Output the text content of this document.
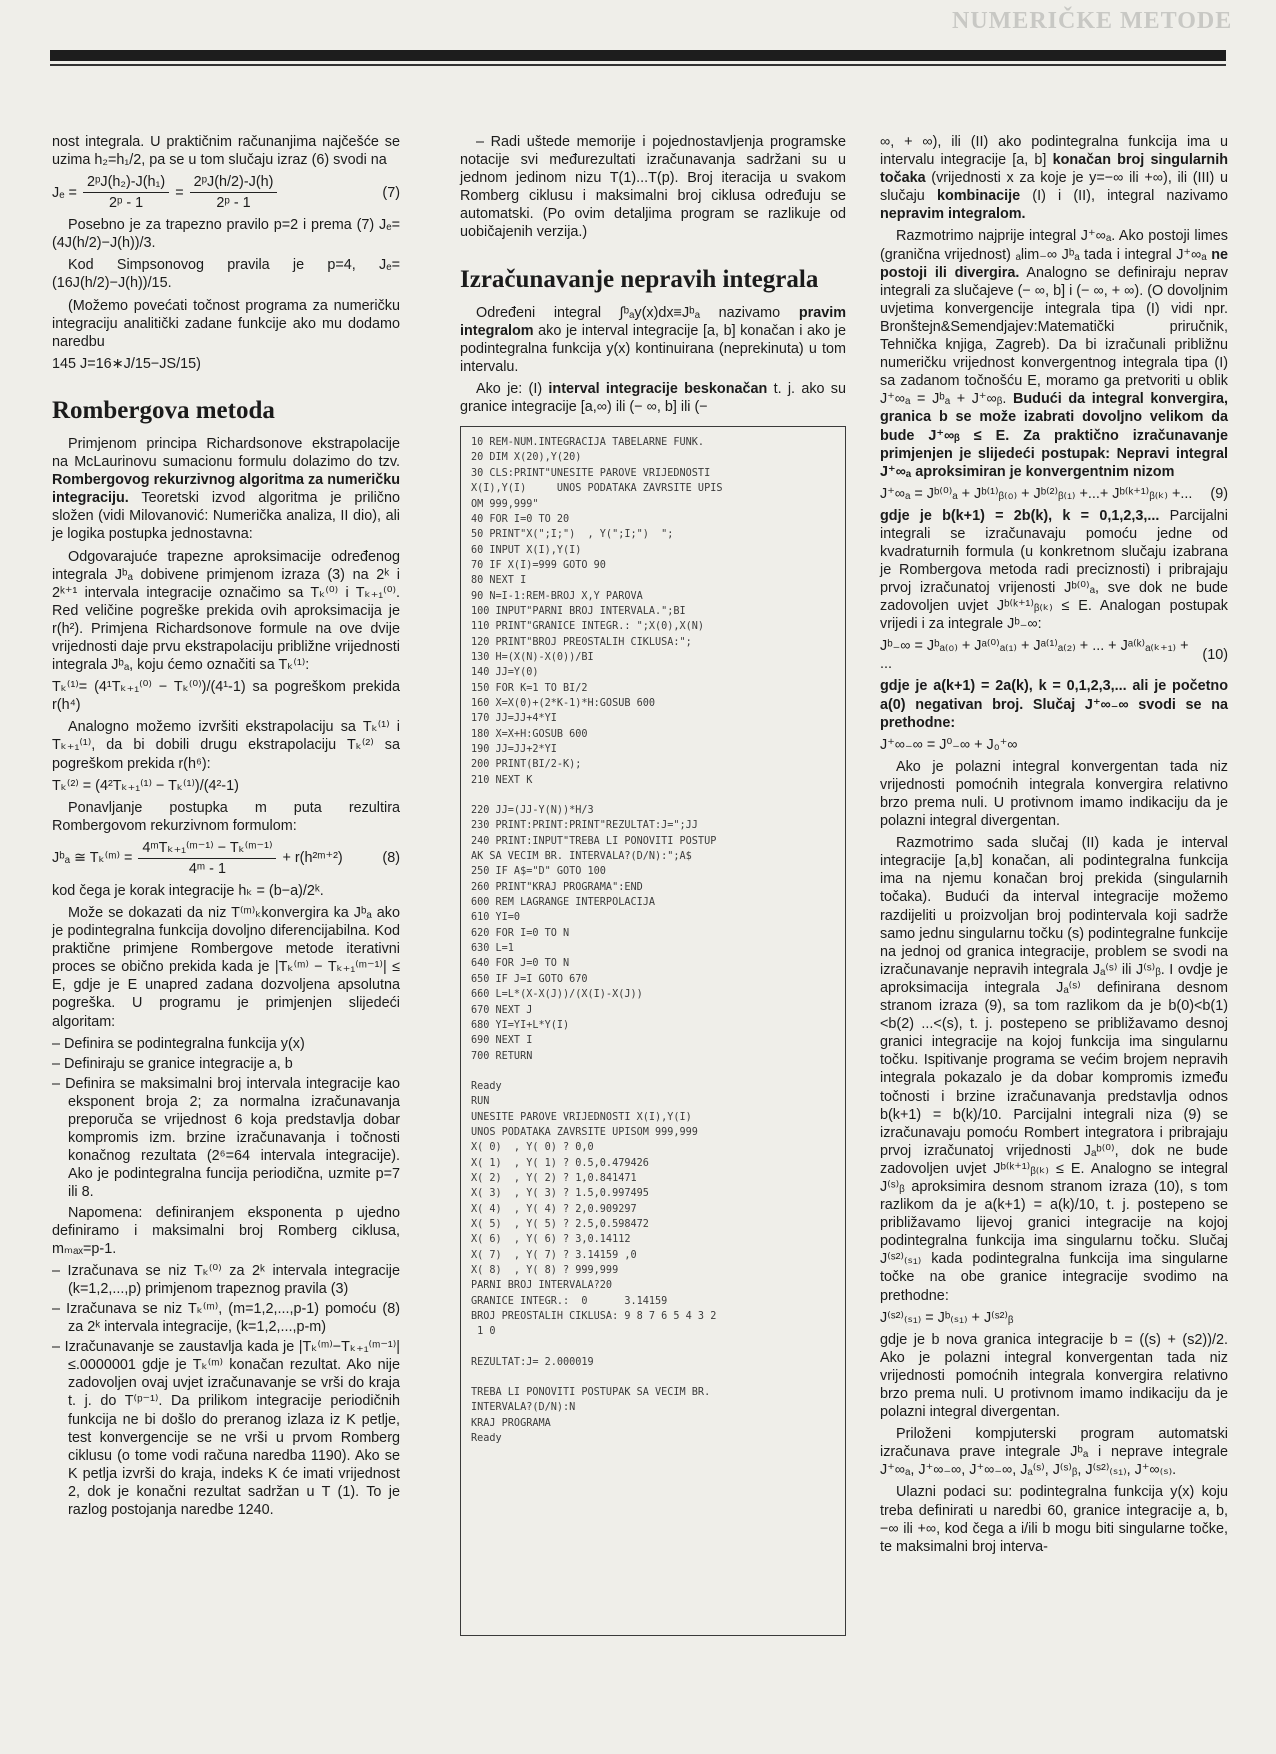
NUMERIČKE METODE

nost integrala. U praktičnim računanjima najčešće se uzima h₂=h₁/2, pa se u tom slučaju izraz (6) svodi na

$J_e = \frac{\text{2ᵖJ(h₂)-J(h₁)}}{\text{2ᵖ - 1}} = \frac{\text{2ᵖJ(h/2)-J(h)}}{\text{2ᵖ - 1}}$	(7)

Posebno je za trapezno pravilo p=2 i prema (7) Jₑ=(4J(h/2)−J(h))/3.

Kod Simpsonovog pravila je p=4, Jₑ=(16J(h/2)−J(h))/15.

(Možemo povećati točnost programa za numeričku integraciju analitički zadane funkcije ako mu dodamo naredbu

145 J=16∗J/15−JS/15)

Rombergova metoda

Primjenom principa Richardsonove ekstrapolacije na McLaurinovu sumacionu formulu dolazimo do tzv. Rombergovog rekurzivnog algoritma za numeričku integraciju. Teoretski izvod algoritma je prilično složen (vidi Milovanović: Numerička analiza, II dio), ali je logika postupka jednostavna:

Odgovarajuće trapezne aproksimacije određenog integrala Jᵇₐ dobivene primjenom izraza (3) na 2ᵏ i 2ᵏ⁺¹ intervala integracije označimo sa Tₖ⁽⁰⁾ i Tₖ₊₁⁽⁰⁾. Red veličine pogreške prekida ovih aproksimacija je r(h²). Primjena Richardsonove formule na ove dvije vrijednosti daje prvu ekstrapolaciju približne vrijednosti integrala Jᵇₐ, koju ćemo označiti sa Tₖ⁽¹⁾:

Tₖ⁽¹⁾= (4¹Tₖ₊₁⁽⁰⁾ − Tₖ⁽⁰⁾)/(4¹-1) sa pogreškom prekida r(h⁴)

Analogno možemo izvršiti ekstrapolaciju sa Tₖ⁽¹⁾ i Tₖ₊₁⁽¹⁾, da bi dobili drugu ekstrapolaciju Tₖ⁽²⁾ sa pogreškom prekida r(h⁶):

Tₖ⁽²⁾ = (4²Tₖ₊₁⁽¹⁾ − Tₖ⁽¹⁾)/(4²-1)

Ponavljanje postupka m puta rezultira Rombergovom rekurzivnom formulom:

Jᵇₐ ≅ Tₖ⁽ᵐ⁾ = $\frac{\text{4ᵐTₖ₊₁⁽ᵐ⁻¹⁾ − Tₖ⁽ᵐ⁻¹⁾}}{\text{4ᵐ - 1}}$ + r(h²ᵐ⁺²)	(8)

kod čega je korak integracije hₖ = (b−a)/2ᵏ.

Može se dokazati da niz T⁽ᵐ⁾ₖkonvergira ka Jᵇₐ ako je podintegralna funkcija dovoljno diferencijabilna. Kod praktične primjene Rombergove metode iterativni proces se obično prekida kada je |Tₖ⁽ᵐ⁾ − Tₖ₊₁⁽ᵐ⁻¹⁾| ≤ E, gdje je E unapred zadana dozvoljena apsolutna pogreška. U programu je primjenjen slijedeći algoritam:

– Definira se podintegralna funkcija y(x)
– Definiraju se granice integracije a, b
– Definira se maksimalni broj intervala integracije kao eksponent broja 2; za normalna izračunavanja preporuča se vrijednost 6 koja predstavlja dobar kompromis izm. brzine izračunavanja i točnosti konačnog rezultata (2⁶=64 intervala integracije). Ako je podintegralna funcija periodična, uzmite p=7 ili 8.

Napomena: definiranjem eksponenta p ujedno definiramo i maksimalni broj Romberg ciklusa, mₘₐₓ=p-1.

– Izračunava se niz Tₖ⁽⁰⁾ za 2ᵏ intervala integracije (k=1,2,...,p) primjenom trapeznog pravila (3)
– Izračunava se niz Tₖ⁽ᵐ⁾, (m=1,2,...,p-1) pomoću (8) za 2ᵏ intervala integracije, (k=1,2,...,p-m)
– Izračunavanje se zaustavlja kada je |Tₖ⁽ᵐ⁾−Tₖ₊₁⁽ᵐ⁻¹⁾|≤.0000001 gdje je Tₖ⁽ᵐ⁾ konačan rezultat. Ako nije zadovoljen ovaj uvjet izračunavanje se vrši do kraja t. j. do T⁽ᵖ⁻¹⁾. Da prilikom integracije periodičnih funkcija ne bi došlo do preranog izlaza iz K petlje, test konvergencije se ne vrši u prvom Romberg ciklusu (o tome vodi računa naredba 1190). Ako se K petlja izvrši do kraja, indeks K će imati vrijednost 2, dok je konačni rezultat sadržan u T (1). To je razlog postojanja naredbe 1240.

– Radi uštede memorije i pojednostavljenja programske notacije svi međurezultati izračunavanja sadržani su u jednom jedinom nizu T(1)...T(p). Broj iteracija u svakom Romberg ciklusu i maksimalni broj ciklusa određuju se automatski. (Po ovim detaljima program se razlikuje od uobičajenih verzija.)

Izračunavanje nepravih integrala

Određeni integral ∫ᵇₐy(x)dx≡Jᵇₐ nazivamo pravim integralom ako je interval integracije [a, b] konačan i ako je podintegralna funkcija y(x) kontinuirana (neprekinuta) u tom intervalu.

Ako je: (I) interval integracije beskonačan t. j. ako su granice integracije [a,∞) ili (− ∞, b] ili (−

10 REM-NUM.INTEGRACIJA TABELARNE FUNK.
20 DIM X(20),Y(20)
30 CLS:PRINT"UNESITE PAROVE VRIJEDNOSTI
X(I),Y(I)     UNOS PODATAKA ZAVRSITE UPIS
OM 999,999"
40 FOR I=0 TO 20
50 PRINT"X(";I;")  , Y(";I;")  ";
60 INPUT X(I),Y(I)
70 IF X(I)=999 GOTO 90
80 NEXT I
90 N=I-1:REM-BROJ X,Y PAROVA
100 INPUT"PARNI BROJ INTERVALA.";BI
110 PRINT"GRANICE INTEGR.: ";X(0),X(N)
120 PRINT"BROJ PREOSTALIH CIKLUSA:";
130 H=(X(N)-X(0))/BI
140 JJ=Y(0)
150 FOR K=1 TO BI/2
160 X=X(0)+(2*K-1)*H:GOSUB 600
170 JJ=JJ+4*YI
180 X=X+H:GOSUB 600
190 JJ=JJ+2*YI
200 PRINT(BI/2-K);
210 NEXT K
220 JJ=(JJ-Y(N))*H/3
230 PRINT:PRINT:PRINT"REZULTAT:J=";JJ
240 PRINT:INPUT"TREBA LI PONOVITI POSTUP
AK SA VECIM BR. INTERVALA?(D/N):";A$
250 IF A$="D" GOTO 100
260 PRINT"KRAJ PROGRAMA":END
600 REM LAGRANGE INTERPOLACIJA
610 YI=0
620 FOR I=0 TO N
630 L=1
640 FOR J=0 TO N
650 IF J=I GOTO 670
660 L=L*(X-X(J))/(X(I)-X(J))
670 NEXT J
680 YI=YI+L*Y(I)
690 NEXT I
700 RETURN
Ready
RUN
UNESITE PAROVE VRIJEDNOSTI X(I),Y(I)
UNOS PODATAKA ZAVRSITE UPISOM 999,999
X( 0)  , Y( 0) ? 0,0
X( 1)  , Y( 1) ? 0.5,0.479426
X( 2)  , Y( 2) ? 1,0.841471
X( 3)  , Y( 3) ? 1.5,0.997495
X( 4)  , Y( 4) ? 2,0.909297
X( 5)  , Y( 5) ? 2.5,0.598472
X( 6)  , Y( 6) ? 3,0.14112
X( 7)  , Y( 7) ? 3.14159 ,0
X( 8)  , Y( 8) ? 999,999
PARNI BROJ INTERVALA?20
GRANICE INTEGR.:  0      3.14159
BROJ PREOSTALIH CIKLUSA: 9 8 7 6 5 4 3 2
1 0
REZULTAT:J= 2.000019
TREBA LI PONOVITI POSTUPAK SA VECIM BR.
INTERVALA?(D/N):N
KRAJ PROGRAMA
Ready

∞, + ∞), ili (II) ako podintegralna funkcija ima u intervalu integracije [a, b] konačan broj singularnih točaka (vrijednosti x za koje je y=−∞ ili +∞), ili (III) u slučaju kombinacije (I) i (II), integral nazivamo nepravim integralom.

Razmotrimo najprije integral J⁺∞ₐ. Ako postoji limes (granična vrijednost) ₐlim₋∞ Jᵇₐ tada i integral J⁺∞ₐ ne postoji ili divergira. Analogno se definiraju neprav integrali za slučajeve (− ∞, b] i (− ∞, + ∞). (O dovoljnim uvjetima konvergencije integrala tipa (I) vidi npr. Bronštejn&Semendjajev:Matematički priručnik, Tehnička knjiga, Zagreb). Da bi izračunali približnu numeričku vrijednost konvergentnog integrala tipa (I) sa zadanom točnošću E, moramo ga pretvoriti u oblik J⁺∞ₐ = Jᵇₐ + J⁺∞ᵦ. Budući da integral konvergira, granica b se može izabrati dovoljno velikom da bude J⁺∞ᵦ ≤ E. Za praktično izračunavanje primjenjen je slijedeći postupak: Nepravi integral J⁺∞ₐ aproksimiran je konvergentnim nizom

J⁺∞ₐ = Jᵇ⁽⁰⁾ₐ + Jᵇ⁽¹⁾ᵦ₍₀₎ + Jᵇ⁽²⁾ᵦ₍₁₎ +...+ Jᵇ⁽ᵏ⁺¹⁾ᵦ₍ₖ₎ +... (9)

gdje je b(k+1) = 2b(k), k = 0,1,2,3,... Parcijalni integrali se izračunavaju pomoću jedne od kvadraturnih formula (u konkretnom slučaju izabrana je Rombergova metoda radi preciznosti) i pribrajaju prvoj izračunatoj vrijenosti Jᵇ⁽⁰⁾ₐ, sve dok ne bude zadovoljen uvjet Jᵇ⁽ᵏ⁺¹⁾ᵦ₍ₖ₎ ≤ E. Analogan postupak vrijedi i za integrale Jᵇ₋∞:

Jᵇ₋∞ = Jᵇₐ₍₀₎ + Jᵃ⁽⁰⁾ₐ₍₁₎ + Jᵃ⁽¹⁾ₐ₍₂₎ + ... + Jᵃ⁽ᵏ⁾ₐ₍ₖ₊₁₎ + ...
(10)

gdje je a(k+1) = 2a(k), k = 0,1,2,3,... ali je početno a(0) negativan broj. Slučaj J⁺∞₋∞ svodi se na prethodne:

J⁺∞₋∞ = J⁰₋∞ + J₀⁺∞

Ako je polazni integral konvergentan tada niz vrijednosti pomoćnih integrala konvergira relativno brzo prema nuli. U protivnom imamo indikaciju da je polazni integral divergentan.

Razmotrimo sada slučaj (II) kada je interval integracije [a,b] konačan, ali podintegralna funkcija ima na njemu konačan broj prekida (singularnih točaka). Budući da interval integracije možemo razdijeliti u proizvoljan broj podintervala koji sadrže samo jednu singularnu točku (s) podintegralne funkcije na jednoj od granica integracije, problem se svodi na izračunavanje nepravih integrala Jₐ⁽ˢ⁾ ili J⁽ˢ⁾ᵦ. I ovdje je aproksimacija integrala Jₐ⁽ˢ⁾ definirana desnom stranom izraza (9), sa tom razlikom da je b(0)<b(1)<b(2) ...<(s), t. j. postepeno se približavamo desnoj granici integracije na kojoj funkcija ima singularnu točku. Ispitivanje programa se većim brojem nepravih integrala pokazalo je da dobar kompromis između točnosti i brzine izračunavanja predstavlja odnos b(k+1) = b(k)/10. Parcijalni integrali niza (9) se izračunavaju pomoću Rombert integratora i pribrajaju prvoj izračunatoj vrijednosti Jₐᵇ⁽⁰⁾, dok ne bude zadovoljen uvjet Jᵇ⁽ᵏ⁺¹⁾ᵦ₍ₖ₎ ≤ E. Analogno se integral J⁽ˢ⁾ᵦ aproksimira desnom stranom izraza (10), s tom razlikom da je a(k+1) = a(k)/10, t. j. postepeno se približavamo lijevoj granici integracije na kojoj podintegralna funkcija ima singularnu točku. Slučaj J⁽ˢ²⁾₍ₛ₁₎ kada podintegralna funkcija ima singularne točke na obe granice integracije svodimo na prethodne:

J⁽ˢ²⁾₍ₛ₁₎ = Jᵇ₍ₛ₁₎ + J⁽ˢ²⁾ᵦ

gdje je b nova granica integracije b = ((s) + (s2))/2. Ako je polazni integral konvergentan tada niz vrijednosti pomoćnih integrala konvergira relativno brzo prema nuli. U protivnom imamo indikaciju da je polazni integral divergentan.

Priloženi kompjuterski program automatski izračunava prave integrale Jᵇₐ i neprave integrale J⁺∞ₐ, J⁺∞₋∞, J⁺∞₋∞, Jₐ⁽ˢ⁾, J⁽ˢ⁾ᵦ, J⁽ˢ²⁾₍ₛ₁₎, J⁺∞₍ₛ₎.

Ulazni podaci su: podintegralna funkcija y(x) koju treba definirati u naredbi 60, granice integracije a, b, −∞ ili +∞, kod čega a i/ili b mogu biti singularne točke, te maksimalni broj interva-
